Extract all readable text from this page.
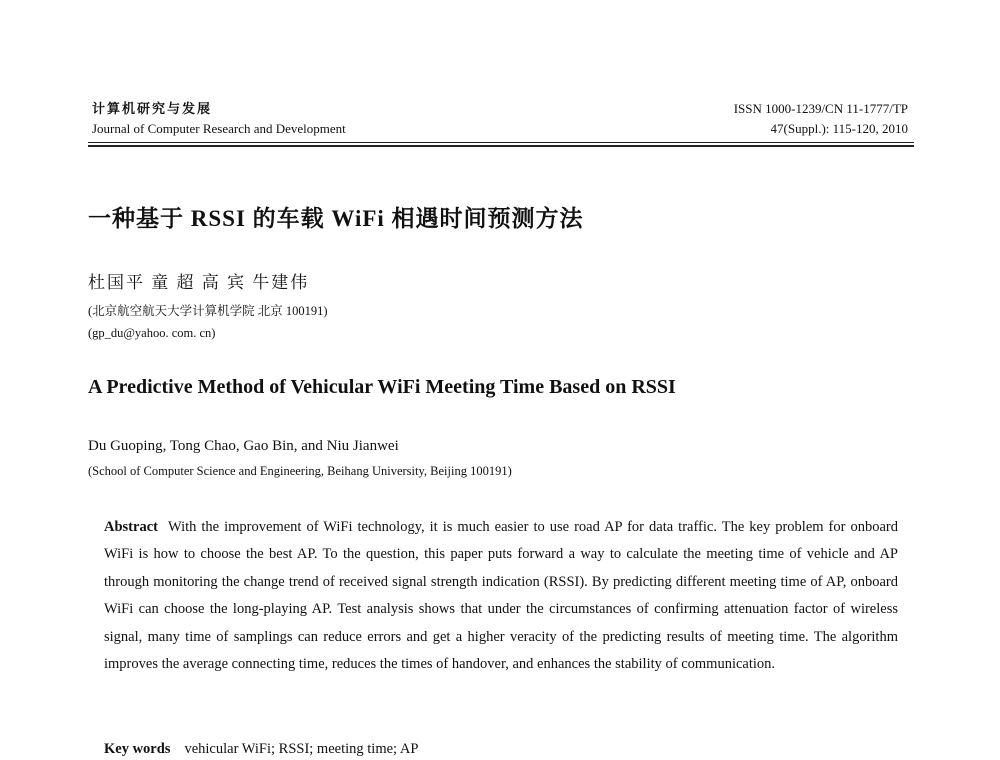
计算机研究与发展
Journal of Computer Research and Development
ISSN 1000-1239/CN 11-1777/TP
47(Suppl.): 115-120, 2010
一种基于 RSSI 的车载 WiFi 相遇时间预测方法
杜国平 童 超 高 宾 牛建伟
(北京航空航天大学计算机学院 北京 100191)
(gp_du@yahoo. com. cn)
A Predictive Method of Vehicular WiFi Meeting Time Based on RSSI
Du Guoping, Tong Chao, Gao Bin, and Niu Jianwei
(School of Computer Science and Engineering, Beihang University, Beijing 100191)
Abstract With the improvement of WiFi technology, it is much easier to use road AP for data traffic. The key problem for onboard WiFi is how to choose the best AP. To the question, this paper puts forward a way to calculate the meeting time of vehicle and AP through monitoring the change trend of received signal strength indication (RSSI). By predicting different meeting time of AP, onboard WiFi can choose the long-playing AP. Test analysis shows that under the circumstances of confirming attenuation factor of wireless signal, many time of samplings can reduce errors and get a higher veracity of the predicting results of meeting time. The algorithm improves the average connecting time, reduces the times of handover, and enhances the stability of communication.
Key words vehicular WiFi; RSSI; meeting time; AP
